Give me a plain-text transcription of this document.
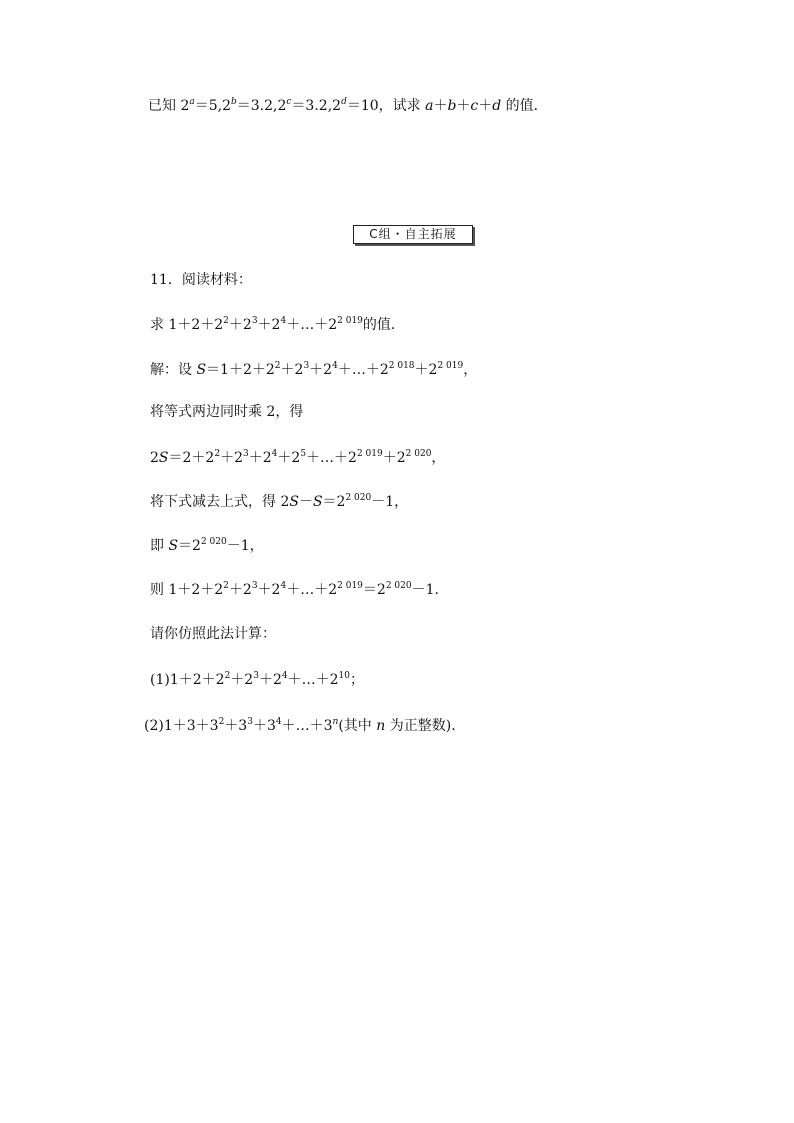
已知 $2^a=5,2^b=3.2,2^c=3.2,2^d=10$，试求 a＋b＋c＋d 的值．
C组・自主拓展
11．阅读材料：
求 $1+2+2^2+2^3+2^4+\dots+2^{2 019}$的值．
解：设 $S=1+2+2^2+2^3+2^4+\dots+2^{2 018}+2^{2 019}$，
将等式两边同时乘 2，得
$2S=2+2^2+2^3+2^4+2^5+\dots+2^{2 019}+2^{2 020}$，
将下式减去上式，得 $2S-S=2^{2 020}-1$，
即 $S=2^{2 020}-1$，
则 $1+2+2^2+2^3+2^4+\dots+2^{2 019}=2^{2 020}-1$.
请你仿照此法计算：
$(1)1+2+2^2+2^3+2^4+\dots+2^{10}$；
$(2)1+3+3^2+3^3+3^4+\dots+3^n$(其中 n 为正整数)．
